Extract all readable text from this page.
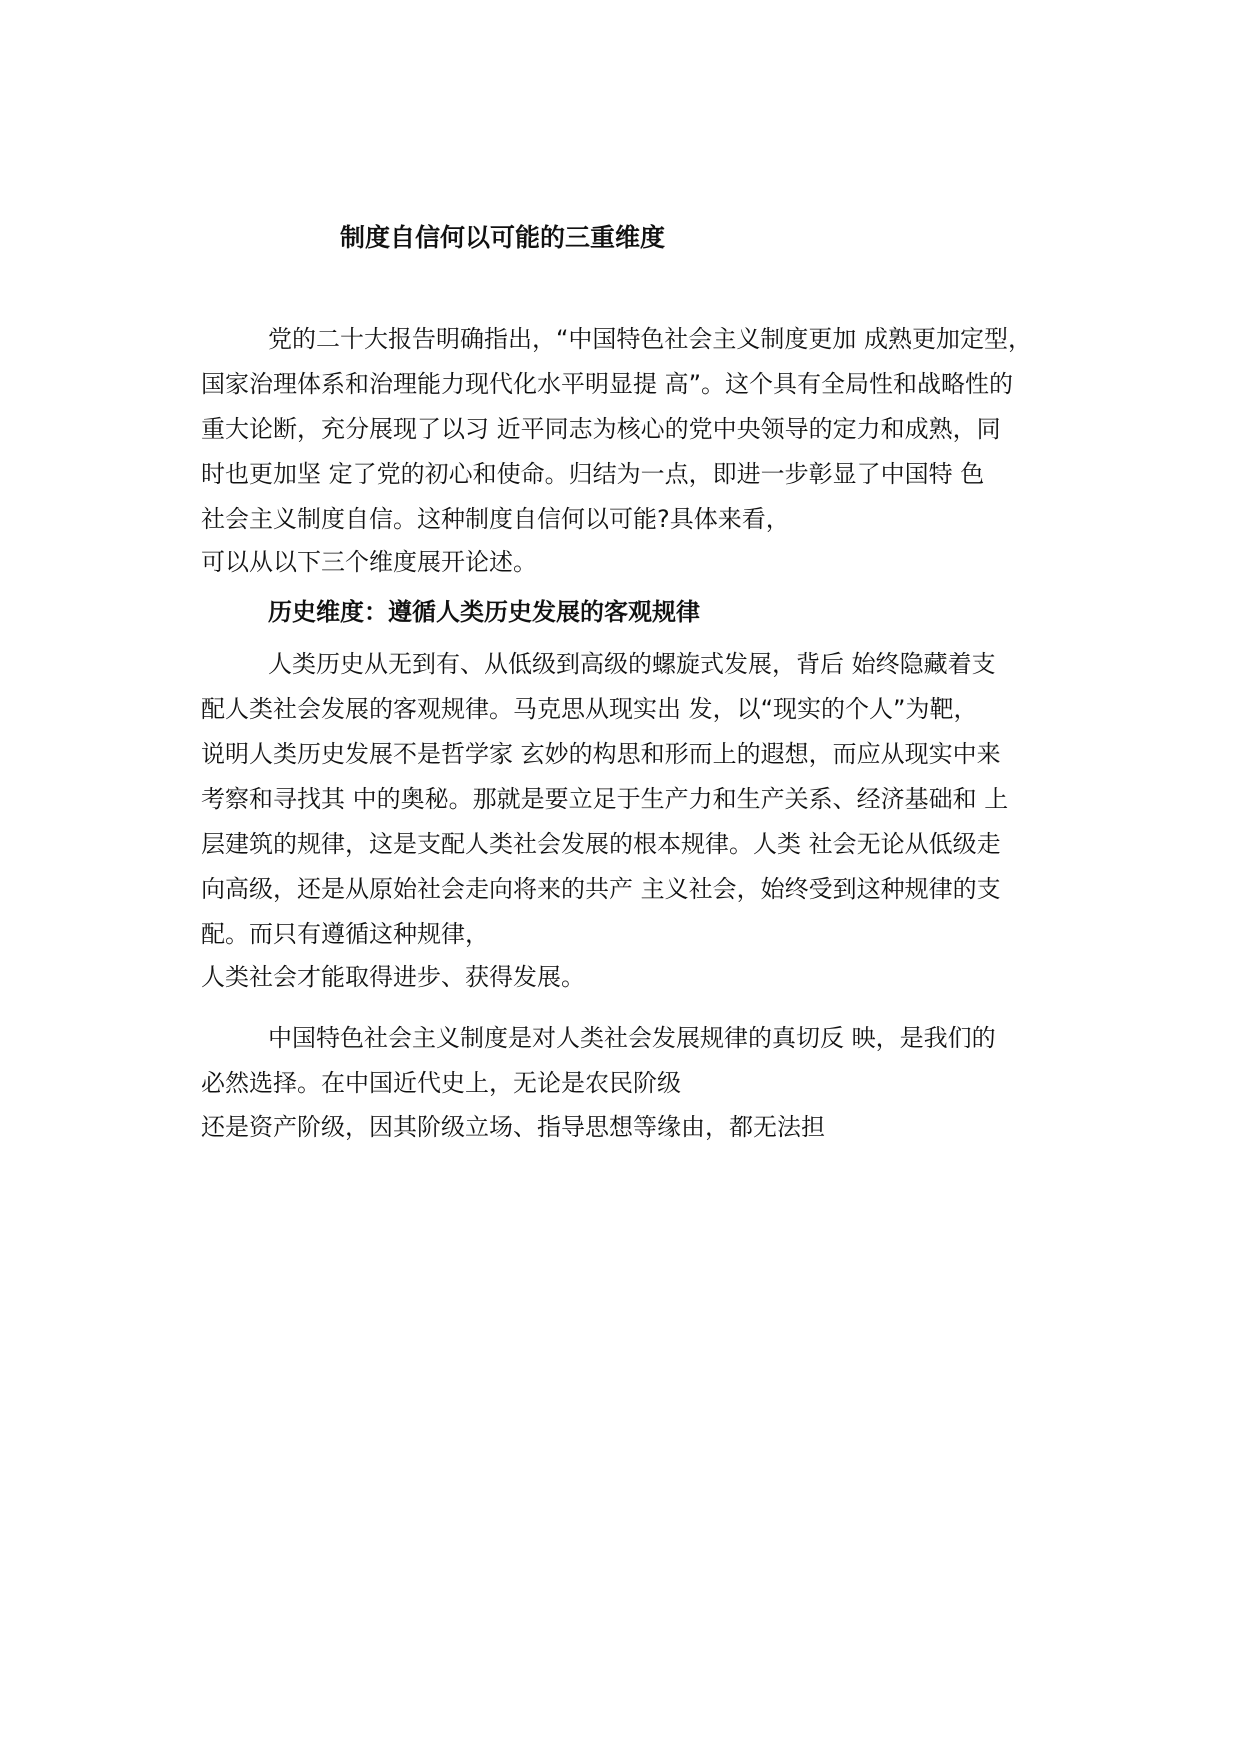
制度自信何以可能的三重维度
党的二十大报告明确指出，“中国特色社会主义制度更加 成熟更加定型，
国家治理体系和治理能力现代化水平明显提 高”。这个具有全局性和战略性的
重大论断，充分展现了以习 近平同志为核心的党中央领导的定力和成熟，同
时也更加坚 定了党的初心和使命。归结为一点，即进一步彰显了中国特 色
社会主义制度自信。这种制度自信何以可能?具体来看，
可以从以下三个维度展开论述。
历史维度：遵循人类历史发展的客观规律
人类历史从无到有、从低级到高级的螺旋式发展，背后 始终隐藏着支
配人类社会发展的客观规律。马克思从现实出 发，以“现实的个人”为靶，
说明人类历史发展不是哲学家 玄妙的构思和形而上的遐想，而应从现实中来
考察和寻找其 中的奥秘。那就是要立足于生产力和生产关系、经济基础和 上
层建筑的规律，这是支配人类社会发展的根本规律。人类 社会无论从低级走
向高级，还是从原始社会走向将来的共产 主义社会，始终受到这种规律的支
配。而只有遵循这种规律，
人类社会才能取得进步、获得发展。
中国特色社会主义制度是对人类社会发展规律的真切反 映，是我们的
必然选择。在中国近代史上，无论是农民阶级
还是资产阶级，因其阶级立场、指导思想等缘由，都无法担
